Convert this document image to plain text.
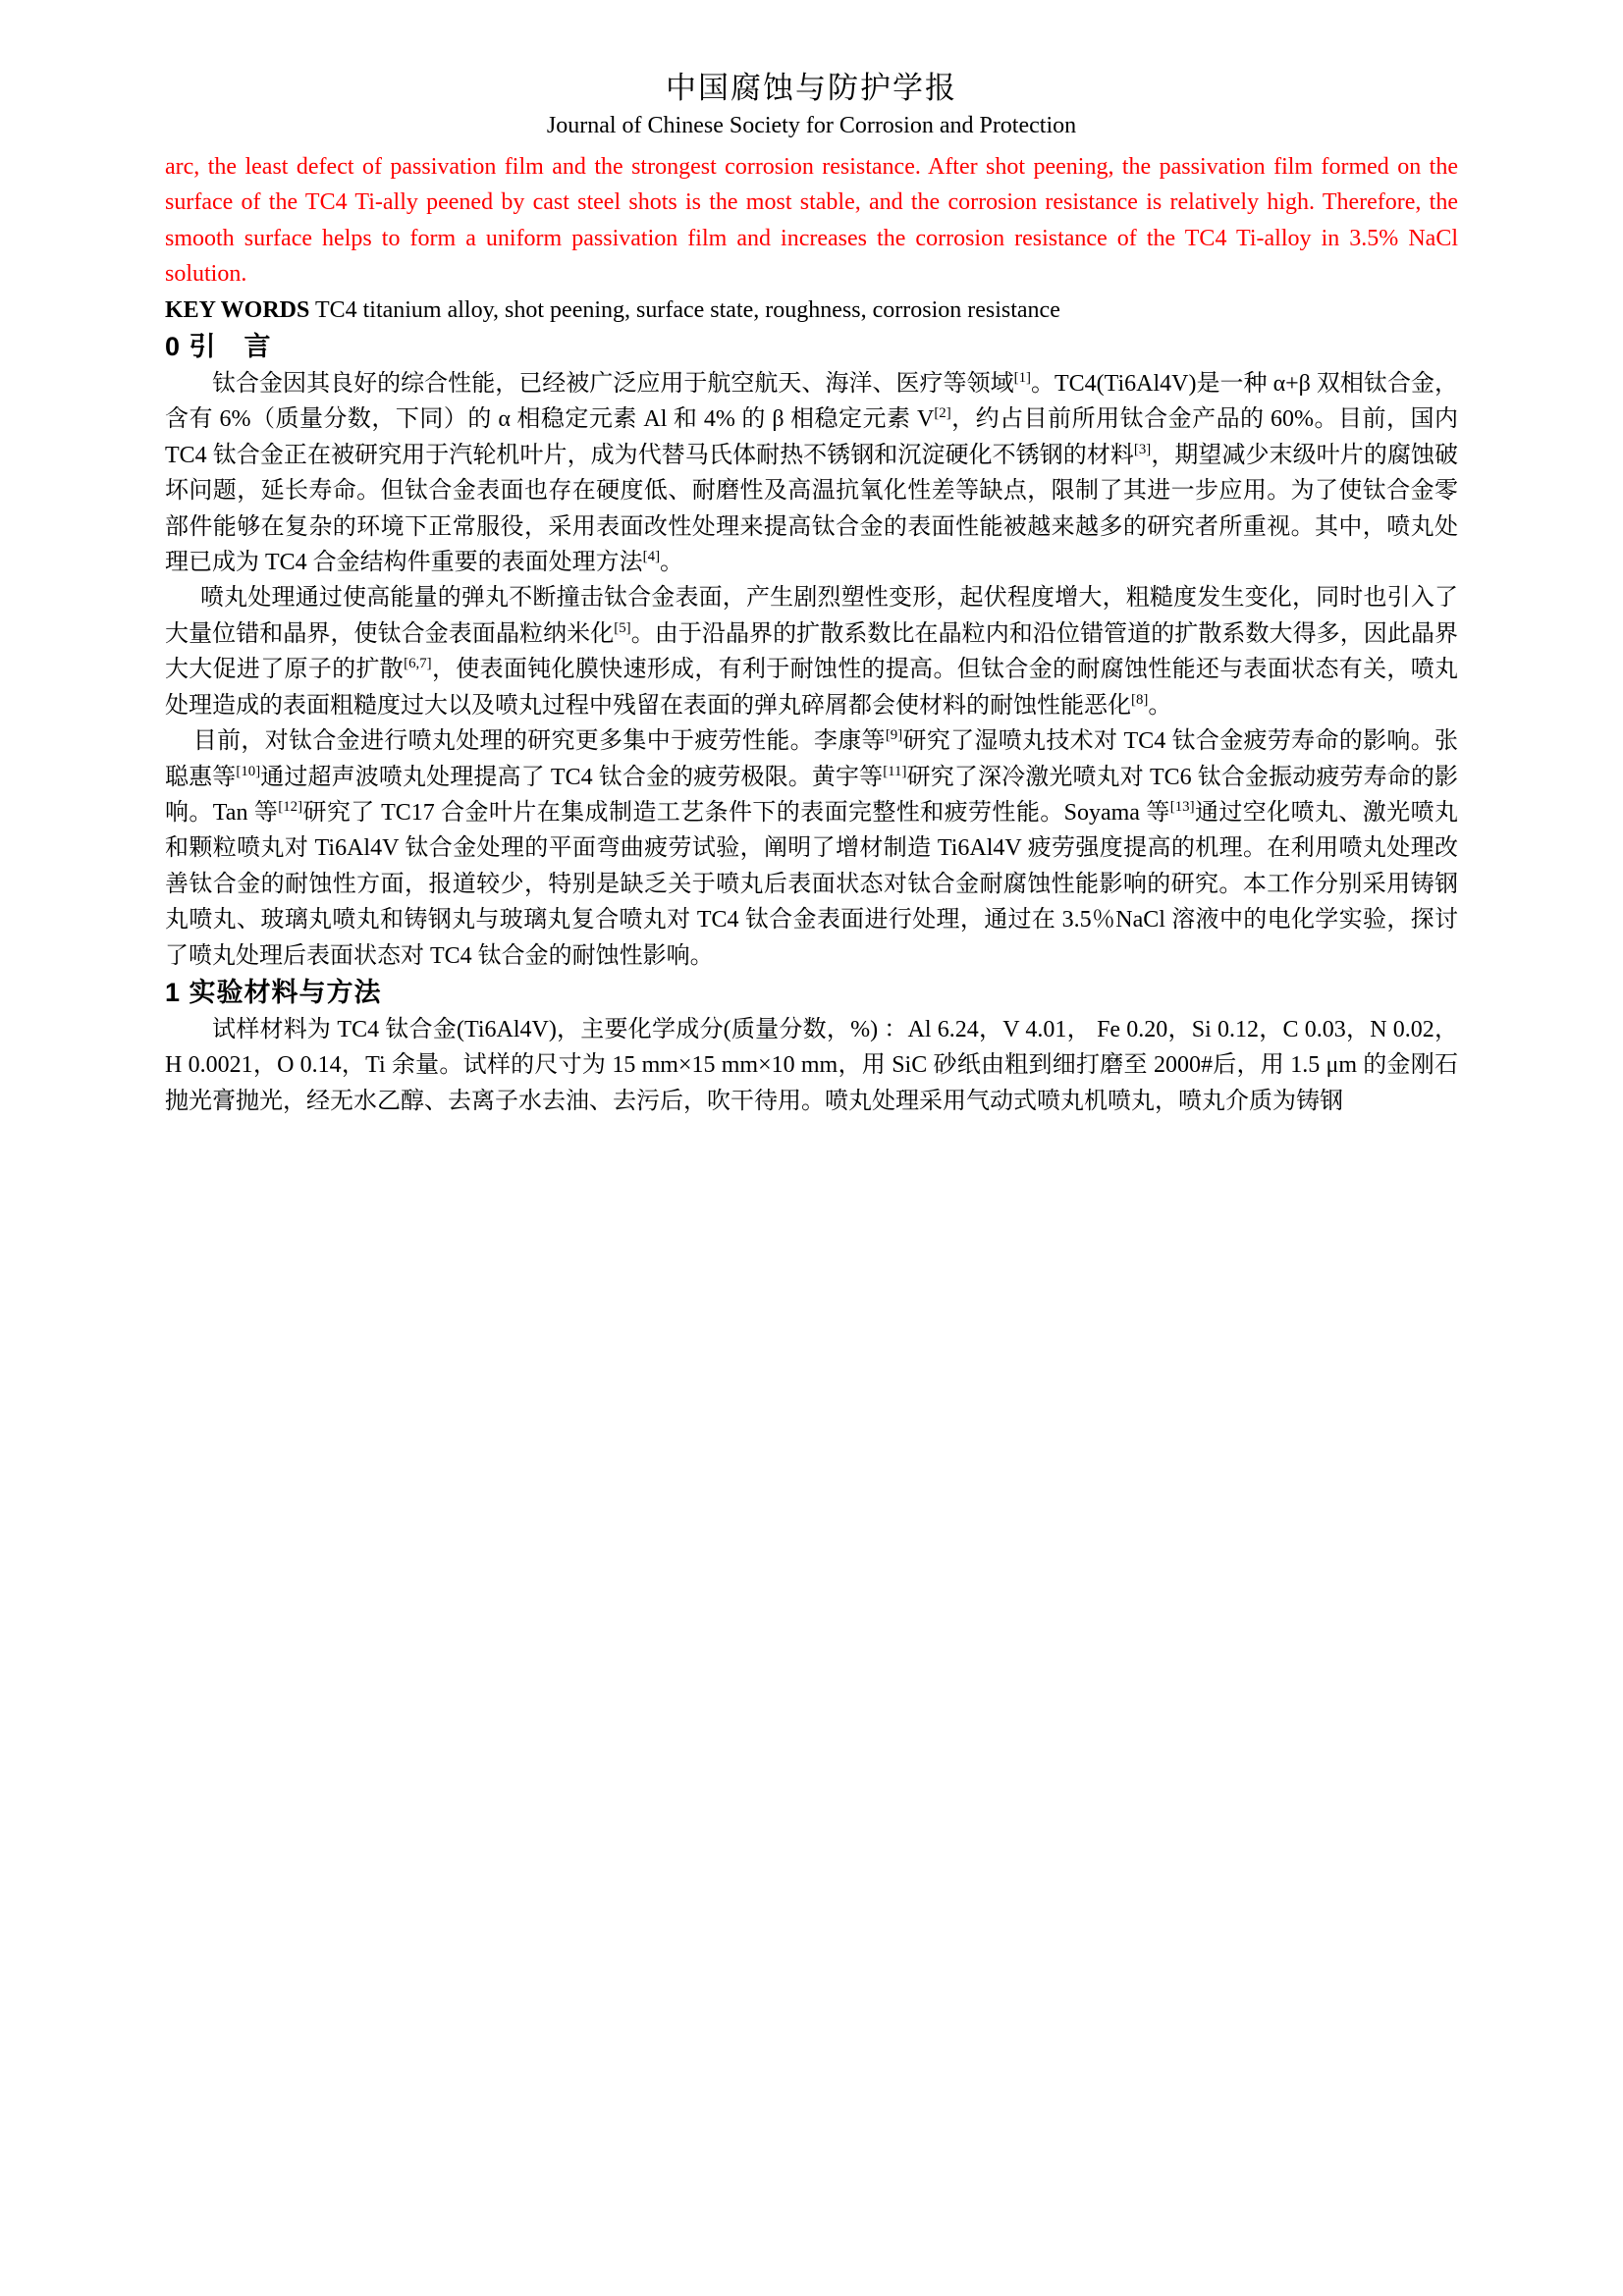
中国腐蚀与防护学报
Journal of Chinese Society for Corrosion and Protection

arc, the least defect of passivation film and the strongest corrosion resistance. After shot peening, the passivation film formed on the surface of the TC4 Ti-ally peened by cast steel shots is the most stable, and the corrosion resistance is relatively high. Therefore, the smooth surface helps to form a uniform passivation film and increases the corrosion resistance of the TC4 Ti-alloy in 3.5% NaCl solution.

KEY WORDS TC4 titanium alloy, shot peening, surface state, roughness, corrosion resistance

0 引　言

钛合金因其良好的综合性能，已经被广泛应用于航空航天、海洋、医疗等领域[1]。TC4(Ti6Al4V)是一种 α+β 双相钛合金，含有 6%（质量分数，下同）的 α 相稳定元素 Al 和 4% 的 β 相稳定元素 V[2]，约占目前所用钛合金产品的 60%。目前，国内 TC4 钛合金正在被研究用于汽轮机叶片，成为代替马氏体耐热不锈钢和沉淀硬化不锈钢的材料[3]，期望减少末级叶片的腐蚀破坏问题，延长寿命。但钛合金表面也存在硬度低、耐磨性及高温抗氧化性差等缺点，限制了其进一步应用。为了使钛合金零部件能够在复杂的环境下正常服役，采用表面改性处理来提高钛合金的表面性能被越来越多的研究者所重视。其中，喷丸处理已成为 TC4 合金结构件重要的表面处理方法[4]。

喷丸处理通过使高能量的弹丸不断撞击钛合金表面，产生剧烈塑性变形，起伏程度增大，粗糙度发生变化，同时也引入了大量位错和晶界，使钛合金表面晶粒纳米化[5]。由于沿晶界的扩散系数比在晶粒内和沿位错管道的扩散系数大得多，因此晶界大大促进了原子的扩散[6,7]，使表面钝化膜快速形成，有利于耐蚀性的提高。但钛合金的耐腐蚀性能还与表面状态有关，喷丸处理造成的表面粗糙度过大以及喷丸过程中残留在表面的弹丸碎屑都会使材料的耐蚀性能恶化[8]。

目前，对钛合金进行喷丸处理的研究更多集中于疲劳性能。李康等[9]研究了湿喷丸技术对 TC4 钛合金疲劳寿命的影响。张聪惠等[10]通过超声波喷丸处理提高了 TC4 钛合金的疲劳极限。黄宇等[11]研究了深冷激光喷丸对 TC6 钛合金振动疲劳寿命的影响。Tan 等[12]研究了 TC17 合金叶片在集成制造工艺条件下的表面完整性和疲劳性能。Soyama 等[13]通过空化喷丸、激光喷丸和颗粒喷丸对 Ti6Al4V 钛合金处理的平面弯曲疲劳试验，阐明了增材制造 Ti6Al4V 疲劳强度提高的机理。在利用喷丸处理改善钛合金的耐蚀性方面，报道较少，特别是缺乏关于喷丸后表面状态对钛合金耐腐蚀性能影响的研究。本工作分别采用铸钢丸喷丸、玻璃丸喷丸和铸钢丸与玻璃丸复合喷丸对 TC4 钛合金表面进行处理，通过在 3.5％NaCl 溶液中的电化学实验，探讨了喷丸处理后表面状态对 TC4 钛合金的耐蚀性影响。

1 实验材料与方法

试样材料为 TC4 钛合金(Ti6Al4V)，主要化学成分(质量分数，%) ：Al 6.24，V 4.01， Fe 0.20，Si 0.12，C 0.03，N 0.02，H 0.0021，O 0.14，Ti 余量。试样的尺寸为 15 mm×15 mm×10 mm，用 SiC 砂纸由粗到细打磨至 2000#后，用 1.5 μm 的金刚石抛光膏抛光，经无水乙醇、去离子水去油、去污后，吹干待用。喷丸处理采用气动式喷丸机喷丸，喷丸介质为铸钢
